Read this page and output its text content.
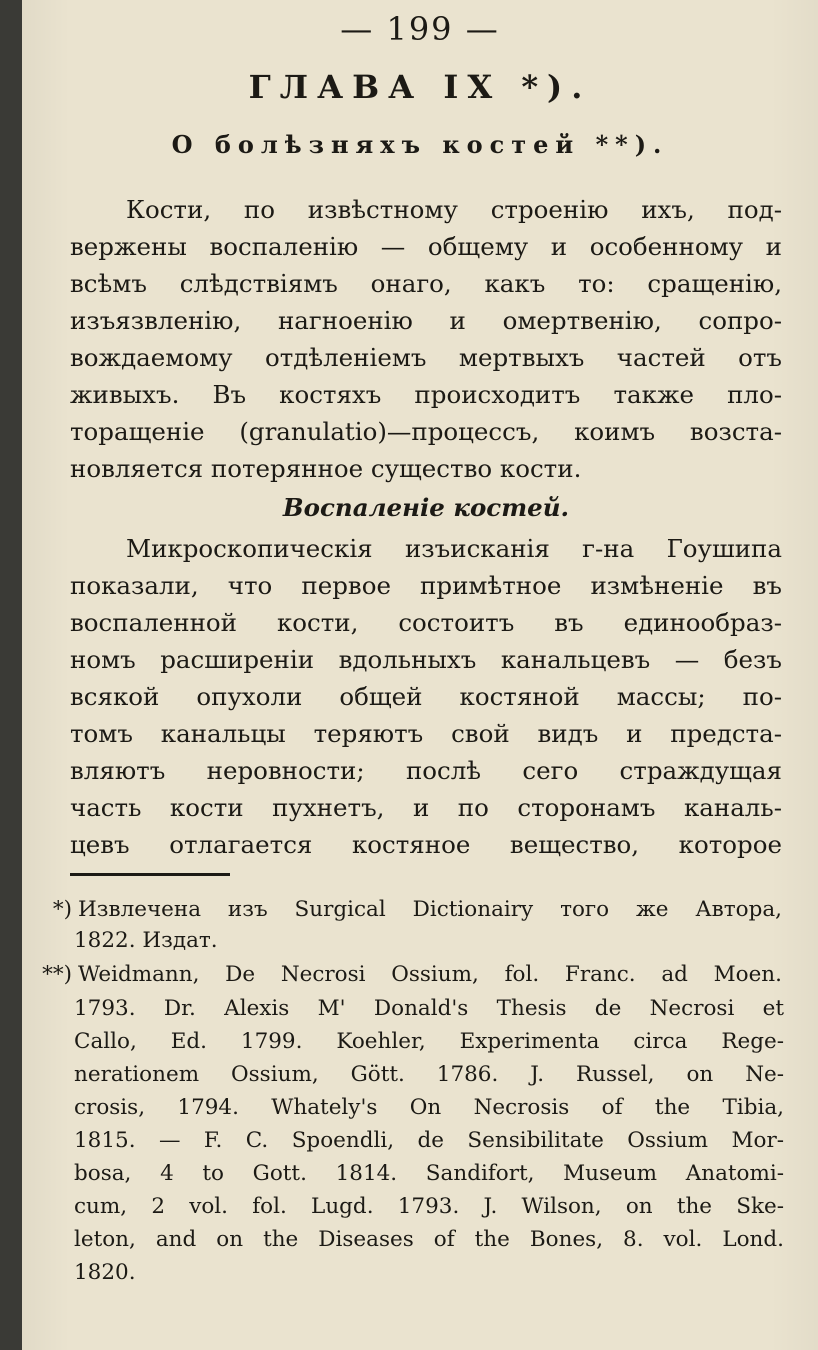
— 199 —
ГЛАВА IX *).
О болѣзняхъ костей **).
Кости, по извѣстному строенію ихъ, под-
вержены воспаленію — общему и особенному и
всѣмъ слѣдствіямъ онаго, какъ то: сращенію,
изъязвленію, нагноенію и омертвенію, сопро-
вождаемому отдѣленіемъ мертвыхъ частей отъ
живыхъ. Въ костяхъ происходитъ также пло-
торащеніе (granulatio)—процессъ, коимъ возста-
новляется потерянное существо кости.
Воспаленіе костей.
Микроскопическія изъисканія г-на Гоушипа
показали, что первое примѣтное измѣненіе въ
воспаленной кости, состоитъ въ единообраз-
номъ расширеніи вдольныхъ канальцевъ — безъ
всякой опухоли общей костяной массы; по-
томъ канальцы теряютъ свой видъ и предста-
вляютъ неровности; послѣ сего страждущая
часть кости пухнетъ, и по сторонамъ каналь-
цевъ отлагается костяное вещество, которое
*) Извлечена изъ Surgical Dictionairy того же Автора,
1822. Издат.
**) Weidmann, De Necrosi Ossium, fol. Franc. ad Moen.
1793. Dr. Alexis M' Donald's Thesis de Necrosi et
Callo, Ed. 1799. Koehler, Experimenta circa Rege-
nerationem Ossium, Gött. 1786. J. Russel, on Ne-
crosis, 1794. Whately's On Necrosis of the Tibia,
1815. — F. C. Spoendli, de Sensibilitate Ossium Mor-
bosa, 4 to Gott. 1814. Sandifort, Museum Anatomi-
cum, 2 vol. fol. Lugd. 1793. J. Wilson, on the Ske-
leton, and on the Diseases of the Bones, 8. vol. Lond.
1820.
